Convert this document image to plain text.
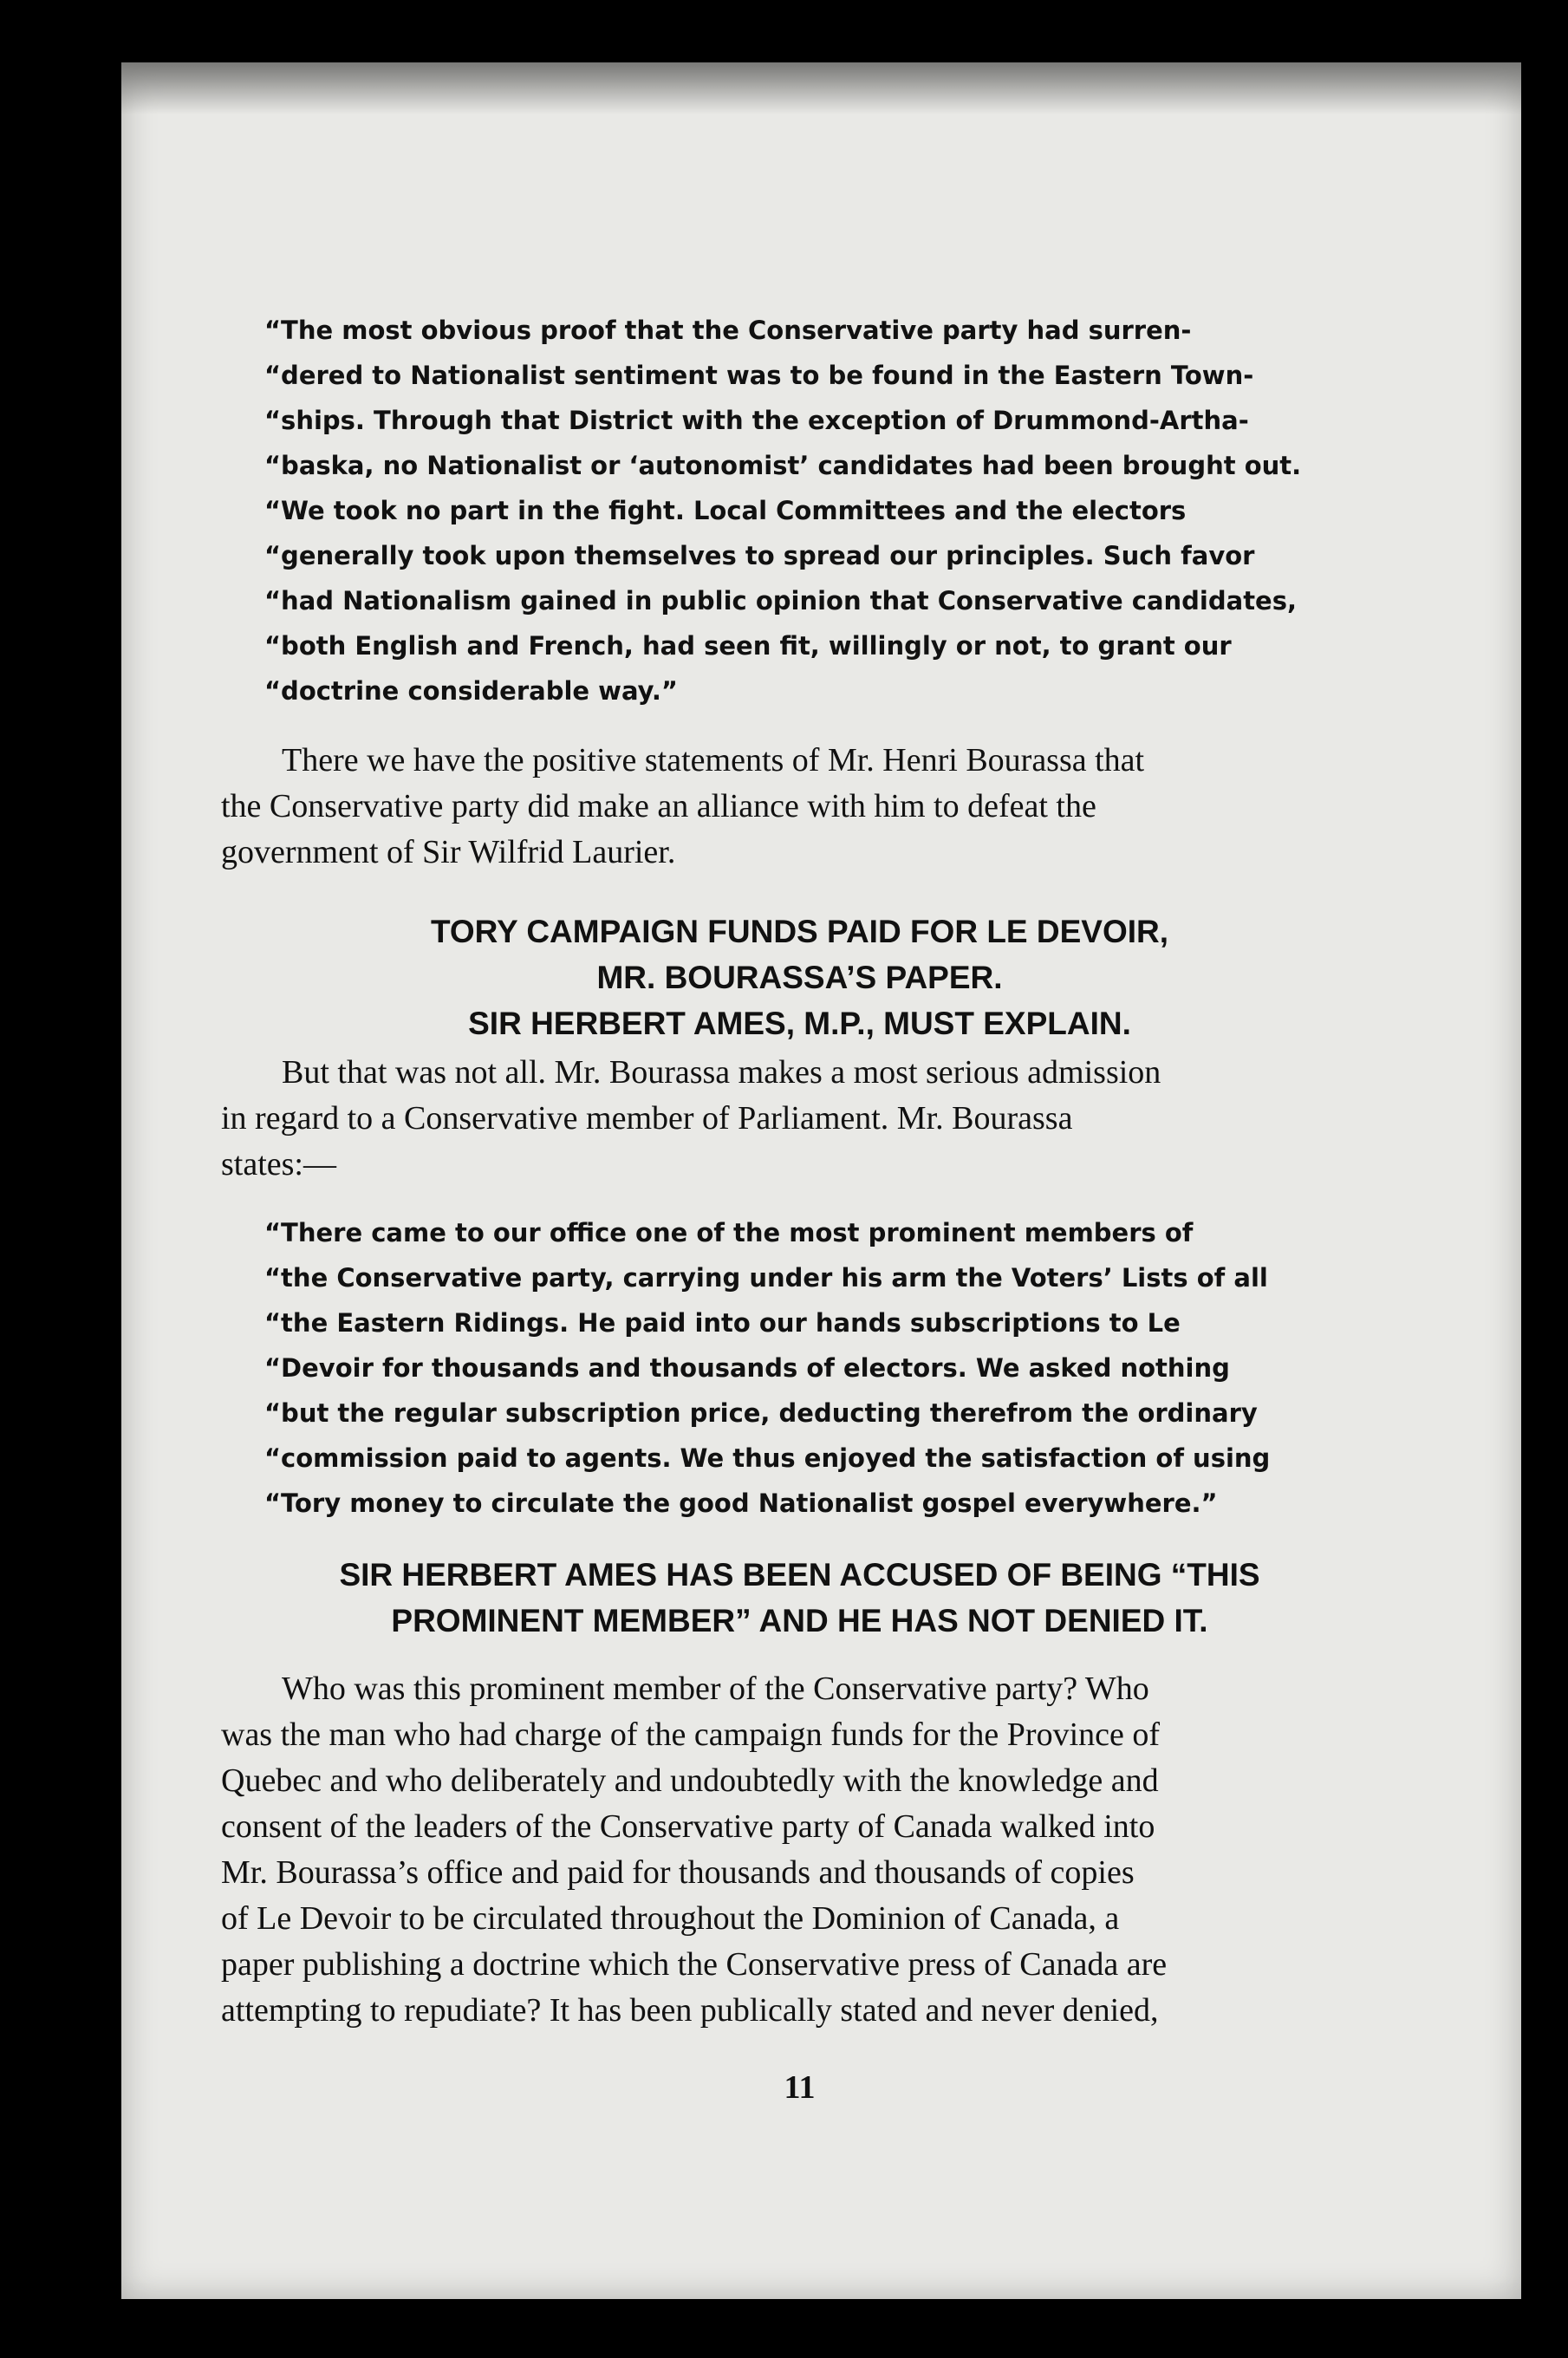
“The most obvious proof that the Conservative party had surren-
“dered to Nationalist sentiment was to be found in the Eastern Town-
“ships. Through that District with the exception of Drummond-Artha-
“baska, no Nationalist or ‘autonomist’ candidates had been brought out.
“We took no part in the fight. Local Committees and the electors
“generally took upon themselves to spread our principles. Such favor
“had Nationalism gained in public opinion that Conservative candidates,
“both English and French, had seen fit, willingly or not, to grant our
“doctrine considerable way.”

There we have the positive statements of Mr. Henri Bourassa that
the Conservative party did make an alliance with him to defeat the
government of Sir Wilfrid Laurier.

TORY CAMPAIGN FUNDS PAID FOR LE DEVOIR,
MR. BOURASSA’S PAPER.
SIR HERBERT AMES, M.P., MUST EXPLAIN.

But that was not all. Mr. Bourassa makes a most serious admission
in regard to a Conservative member of Parliament. Mr. Bourassa
states:—

“There came to our office one of the most prominent members of
“the Conservative party, carrying under his arm the Voters’ Lists of all
“the Eastern Ridings. He paid into our hands subscriptions to Le
“Devoir for thousands and thousands of electors. We asked nothing
“but the regular subscription price, deducting therefrom the ordinary
“commission paid to agents. We thus enjoyed the satisfaction of using
“Tory money to circulate the good Nationalist gospel everywhere.”

SIR HERBERT AMES HAS BEEN ACCUSED OF BEING “THIS
PROMINENT MEMBER” AND HE HAS NOT DENIED IT.

Who was this prominent member of the Conservative party? Who
was the man who had charge of the campaign funds for the Province of
Quebec and who deliberately and undoubtedly with the knowledge and
consent of the leaders of the Conservative party of Canada walked into
Mr. Bourassa’s office and paid for thousands and thousands of copies
of Le Devoir to be circulated throughout the Dominion of Canada, a
paper publishing a doctrine which the Conservative press of Canada are
attempting to repudiate? It has been publically stated and never denied,

11
